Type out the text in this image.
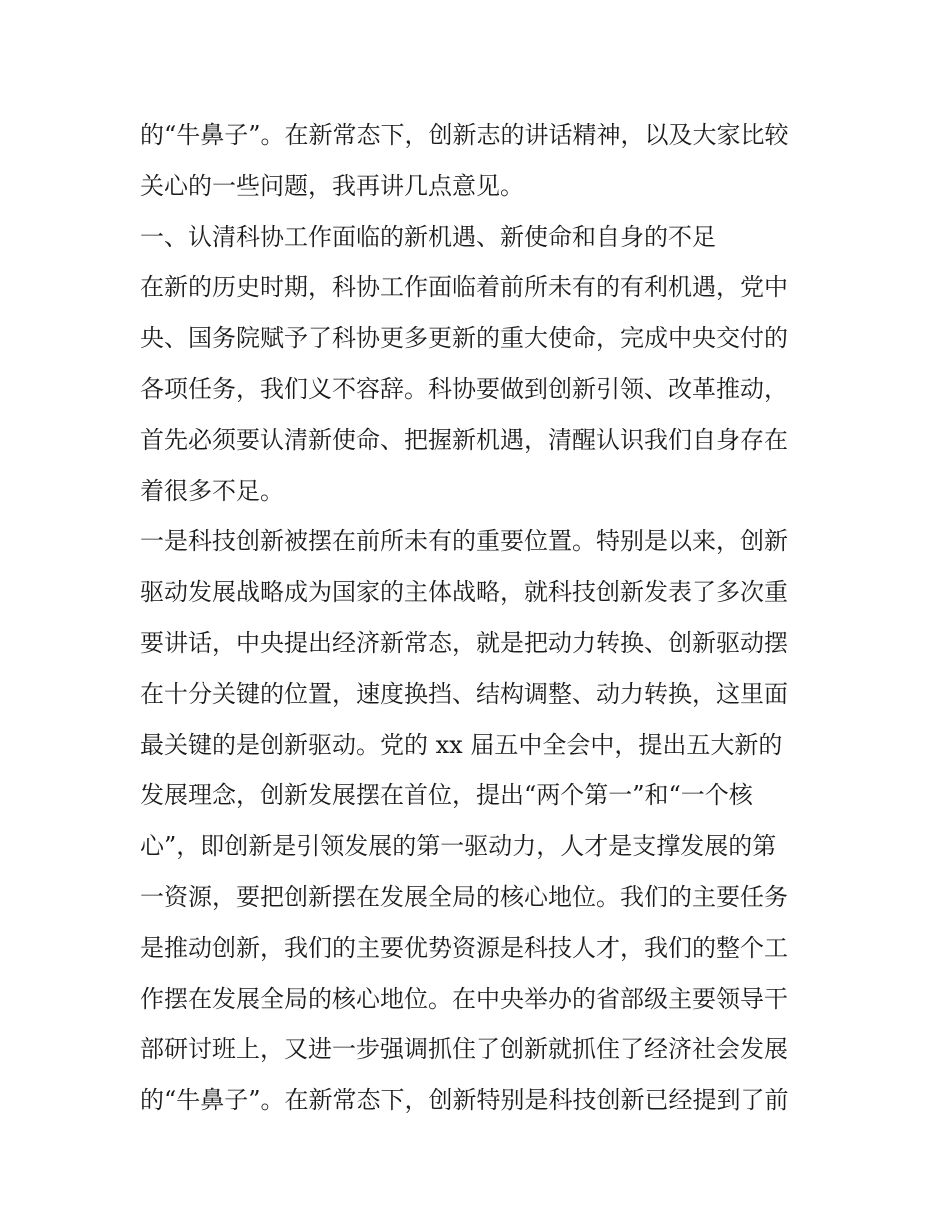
的“牛鼻子”。在新常态下，创新志的讲话精神，以及大家比较
关心的一些问题，我再讲几点意见。
一、认清科协工作面临的新机遇、新使命和自身的不足
在新的历史时期，科协工作面临着前所未有的有利机遇，党中
央、国务院赋予了科协更多更新的重大使命，完成中央交付的
各项任务，我们义不容辞。科协要做到创新引领、改革推动，
首先必须要认清新使命、把握新机遇，清醒认识我们自身存在
着很多不足。
一是科技创新被摆在前所未有的重要位置。特别是以来，创新
驱动发展战略成为国家的主体战略，就科技创新发表了多次重
要讲话，中央提出经济新常态，就是把动力转换、创新驱动摆
在十分关键的位置，速度换挡、结构调整、动力转换，这里面
最关键的是创新驱动。党的 xx 届五中全会中，提出五大新的
发展理念，创新发展摆在首位，提出“两个第一”和“一个核
心”，即创新是引领发展的第一驱动力，人才是支撑发展的第
一资源，要把创新摆在发展全局的核心地位。我们的主要任务
是推动创新，我们的主要优势资源是科技人才，我们的整个工
作摆在发展全局的核心地位。在中央举办的省部级主要领导干
部研讨班上，又进一步强调抓住了创新就抓住了经济社会发展
的“牛鼻子”。在新常态下，创新特别是科技创新已经提到了前
